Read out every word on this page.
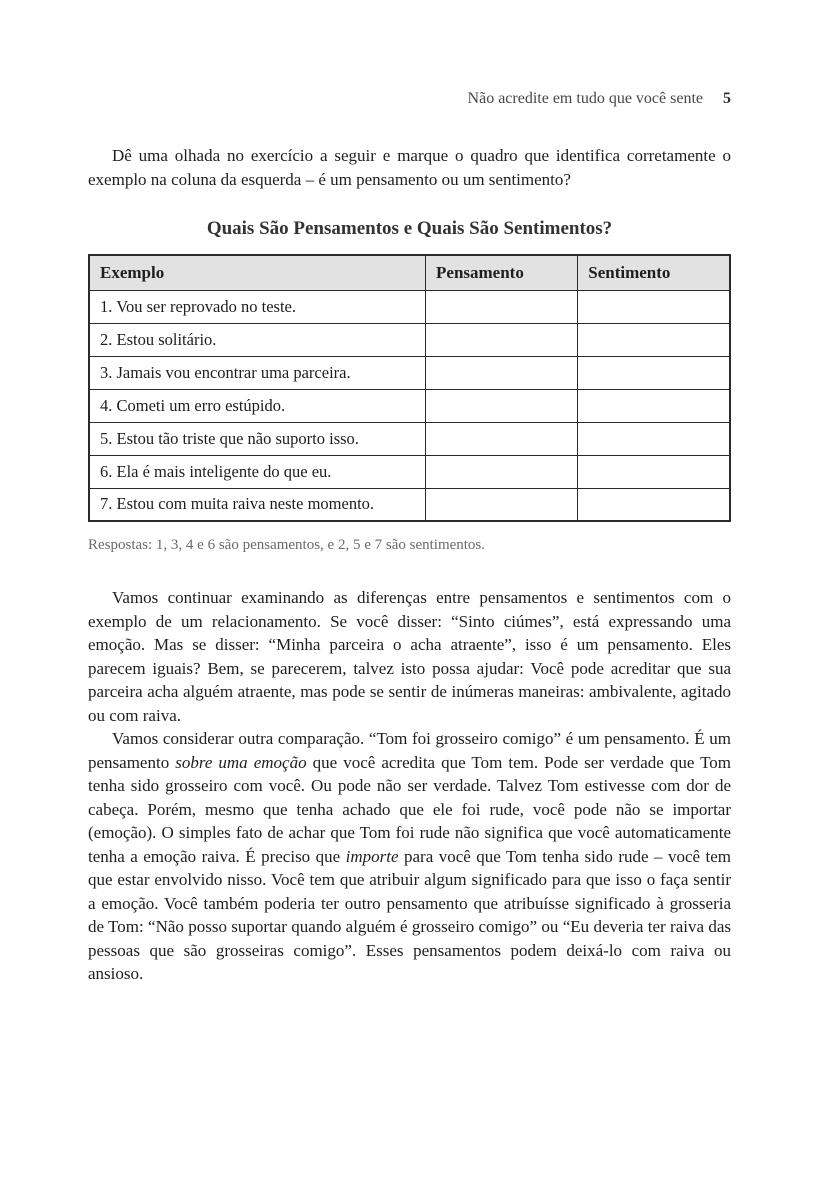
Não acredite em tudo que você sente 5

Dê uma olhada no exercício a seguir e marque o quadro que identifica corretamente o exemplo na coluna da esquerda – é um pensamento ou um sentimento?

Quais São Pensamentos e Quais São Sentimentos?
Exemplo	Pensamento	Sentimento
1. Vou ser reprovado no teste.		
2. Estou solitário.		
3. Jamais vou encontrar uma parceira.		
4. Cometi um erro estúpido.		
5. Estou tão triste que não suporto isso.		
6. Ela é mais inteligente do que eu.		
7. Estou com muita raiva neste momento.		

Respostas: 1, 3, 4 e 6 são pensamentos, e 2, 5 e 7 são sentimentos.

Vamos continuar examinando as diferenças entre pensamentos e sentimentos com o exemplo de um relacionamento. Se você disser: “Sinto ciúmes”, está expressando uma emoção. Mas se disser: “Minha parceira o acha atraente”, isso é um pensamento. Eles parecem iguais? Bem, se parecerem, talvez isto possa ajudar: Você pode acreditar que sua parceira acha alguém atraente, mas pode se sentir de inúmeras maneiras: ambivalente, agitado ou com raiva.

Vamos considerar outra comparação. “Tom foi grosseiro comigo” é um pensamento. É um pensamento sobre uma emoção que você acredita que Tom tem. Pode ser verdade que Tom tenha sido grosseiro com você. Ou pode não ser verdade. Talvez Tom estivesse com dor de cabeça. Porém, mesmo que tenha achado que ele foi rude, você pode não se importar (emoção). O simples fato de achar que Tom foi rude não significa que você automaticamente tenha a emoção raiva. É preciso que importe para você que Tom tenha sido rude – você tem que estar envolvido nisso. Você tem que atribuir algum significado para que isso o faça sentir a emoção. Você também poderia ter outro pensamento que atribuísse significado à grosseria de Tom: “Não posso suportar quando alguém é grosseiro comigo” ou “Eu deveria ter raiva das pessoas que são grosseiras comigo”. Esses pensamentos podem deixá-lo com raiva ou ansioso.
